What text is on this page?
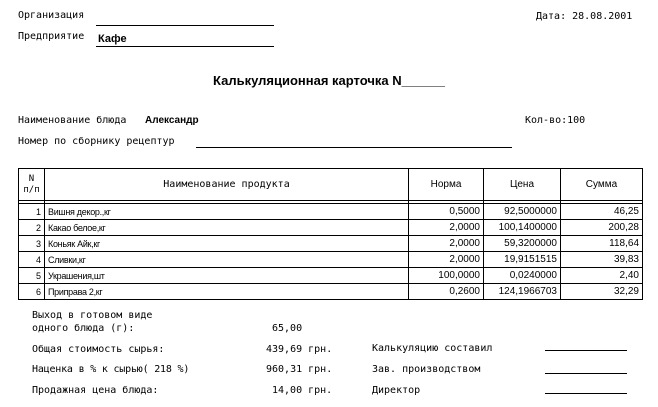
Организация	Дата: 28.08.2001
Предприятие Кафе
Калькуляционная карточка N______
Наименование блюда Александр	Кол-во:100
Номер по сборнику рецептур
N
п/п	Наименование продукта	Норма	Цена	Сумма

1	Вишня декор.,кг	0,5000	92,5000000	46,25
2	Какао белое,кг	2,0000	100,1400000	200,28
3	Коньяк Айк,кг	2,0000	59,3200000	118,64
4	Сливки,кг	2,0000	19,9151515	39,83
5	Украшения,шт	100,0000	0,0240000	2,40
6	Приправа 2,кг	0,2600	124,1966703	32,29
Выход в готовом виде
одного блюда (г):	65,00
Общая стоимость сырья:	439,69 грн.
Наценка в % к сырью( 218 %)	960,31 грн.
Продажная цена блюда:	14,00 грн.
Калькуляцию составил
Зав. производством
Директор
